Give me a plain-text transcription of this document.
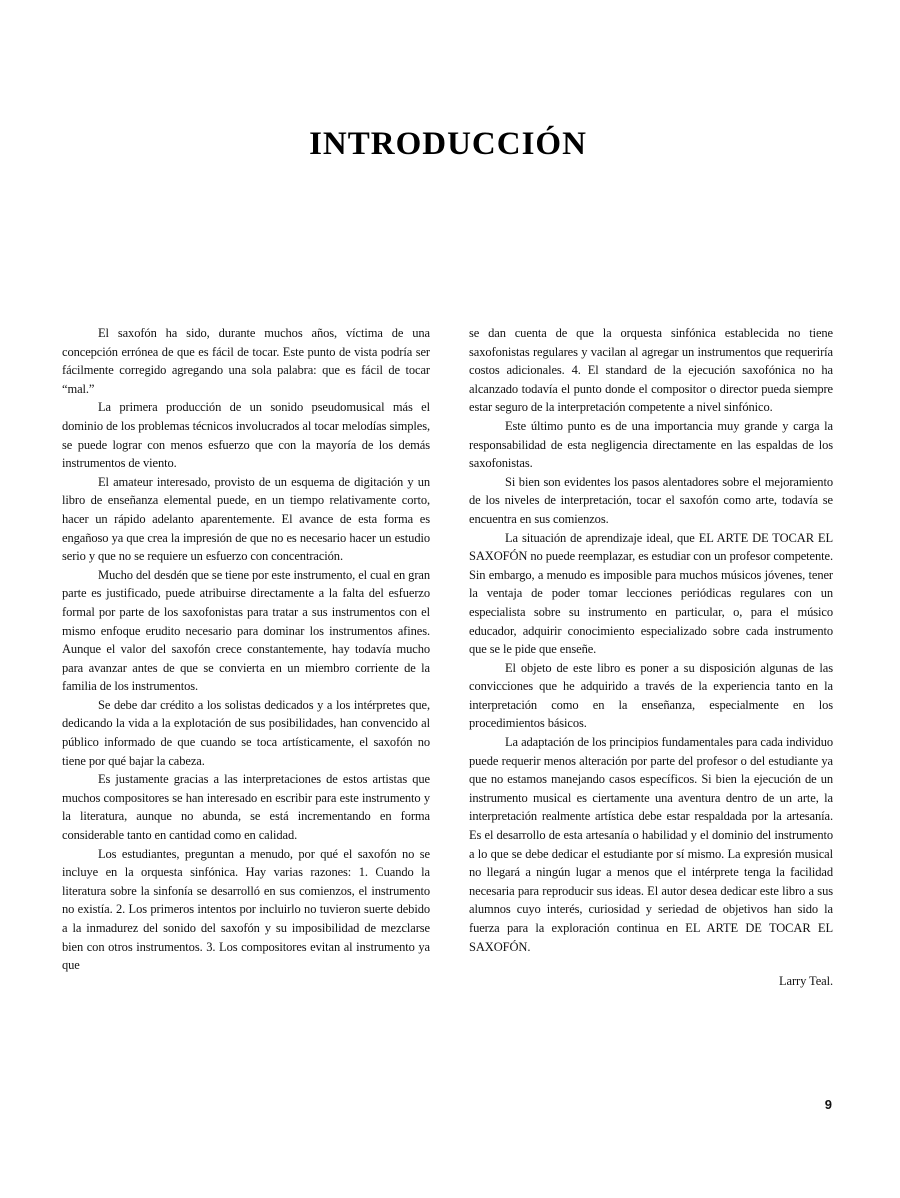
INTRODUCCIÓN

El saxofón ha sido, durante muchos años, víctima de una concepción errónea de que es fácil de tocar. Este punto de vista podría ser fácilmente corregido agregando una sola palabra: que es fácil de tocar “mal.”

La primera producción de un sonido pseudomusical más el dominio de los problemas técnicos involucrados al tocar melodías simples, se puede lograr con menos esfuerzo que con la mayoría de los demás instrumentos de viento.

El amateur interesado, provisto de un esquema de digitación y un libro de enseñanza elemental puede, en un tiempo relativamente corto, hacer un rápido adelanto aparentemente. El avance de esta forma es engañoso ya que crea la impresión de que no es necesario hacer un estudio serio y que no se requiere un esfuerzo con concentración.

Mucho del desdén que se tiene por este instrumento, el cual en gran parte es justificado, puede atribuirse directamente a la falta del esfuerzo formal por parte de los saxofonistas para tratar a sus instrumentos con el mismo enfoque erudito necesario para dominar los instrumentos afines. Aunque el valor del saxofón crece constantemente, hay todavía mucho para avanzar antes de que se convierta en un miembro corriente de la familia de los instrumentos.

Se debe dar crédito a los solistas dedicados y a los intérpretes que, dedicando la vida a la explotación de sus posibilidades, han convencido al público informado de que cuando se toca artísticamente, el saxofón no tiene por qué bajar la cabeza.

Es justamente gracias a las interpretaciones de estos artistas que muchos compositores se han interesado en escribir para este instrumento y la literatura, aunque no abunda, se está incrementando en forma considerable tanto en cantidad como en calidad.

Los estudiantes, preguntan a menudo, por qué el saxofón no se incluye en la orquesta sinfónica. Hay varias razones: 1. Cuando la literatura sobre la sinfonía se desarrolló en sus comienzos, el instrumento no existía. 2. Los primeros intentos por incluirlo no tuvieron suerte debido a la inmadurez del sonido del saxofón y su imposibilidad de mezclarse bien con otros instrumentos. 3. Los compositores evitan al instrumento ya que

se dan cuenta de que la orquesta sinfónica establecida no tiene saxofonistas regulares y vacilan al agregar un instrumentos que requeriría costos adicionales. 4. El standard de la ejecución saxofónica no ha alcanzado todavía el punto donde el compositor o director pueda siempre estar seguro de la interpretación competente a nivel sinfónico.

Este último punto es de una importancia muy grande y carga la responsabilidad de esta negligencia directamente en las espaldas de los saxofonistas.

Si bien son evidentes los pasos alentadores sobre el mejoramiento de los niveles de interpretación, tocar el saxofón como arte, todavía se encuentra en sus comienzos.

La situación de aprendizaje ideal, que EL ARTE DE TOCAR EL SAXOFÓN no puede reemplazar, es estudiar con un profesor competente. Sin embargo, a menudo es imposible para muchos músicos jóvenes, tener la ventaja de poder tomar lecciones periódicas regulares con un especialista sobre su instrumento en particular, o, para el músico educador, adquirir conocimiento especializado sobre cada instrumento que se le pide que enseñe.

El objeto de este libro es poner a su disposición algunas de las convicciones que he adquirido a través de la experiencia tanto en la interpretación como en la enseñanza, especialmente en los procedimientos básicos.

La adaptación de los principios fundamentales para cada individuo puede requerir menos alteración por parte del profesor o del estudiante ya que no estamos manejando casos específicos. Si bien la ejecución de un instrumento musical es ciertamente una aventura dentro de un arte, la interpretación realmente artística debe estar respaldada por la artesanía. Es el desarrollo de esta artesanía o habilidad y el dominio del instrumento a lo que se debe dedicar el estudiante por sí mismo. La expresión musical no llegará a ningún lugar a menos que el intérprete tenga la facilidad necesaria para reproducir sus ideas. El autor desea dedicar este libro a sus alumnos cuyo interés, curiosidad y seriedad de objetivos han sido la fuerza para la exploración continua en EL ARTE DE TOCAR EL SAXOFÓN.

Larry Teal.
9
